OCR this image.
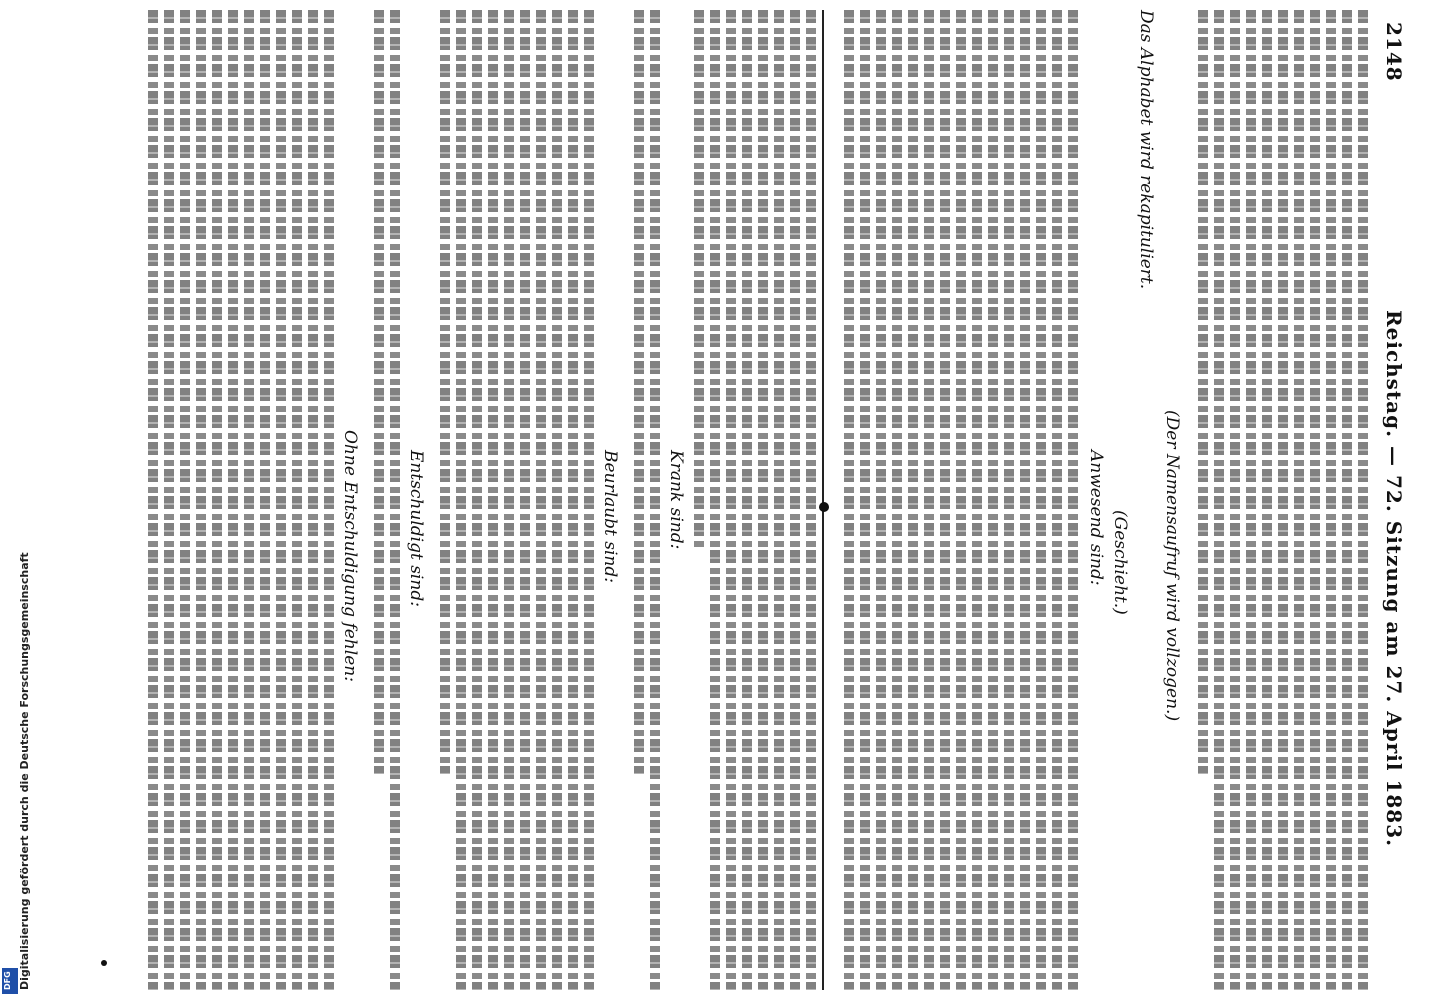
2148
Reichstag. — 72. Sitzung am 27. April 1883.
(Der Namensaufruf wird vollzogen.)
Das Alphabet wird rekapituliert.
(Geschieht.)
Anwesend sind:
Krank sind:
Beurlaubt sind:
Entschuldigt sind:
Ohne Entschuldigung fehlen:
Digitalisierung gefördert durch die Deutsche Forschungsgemeinschaft
DFG
